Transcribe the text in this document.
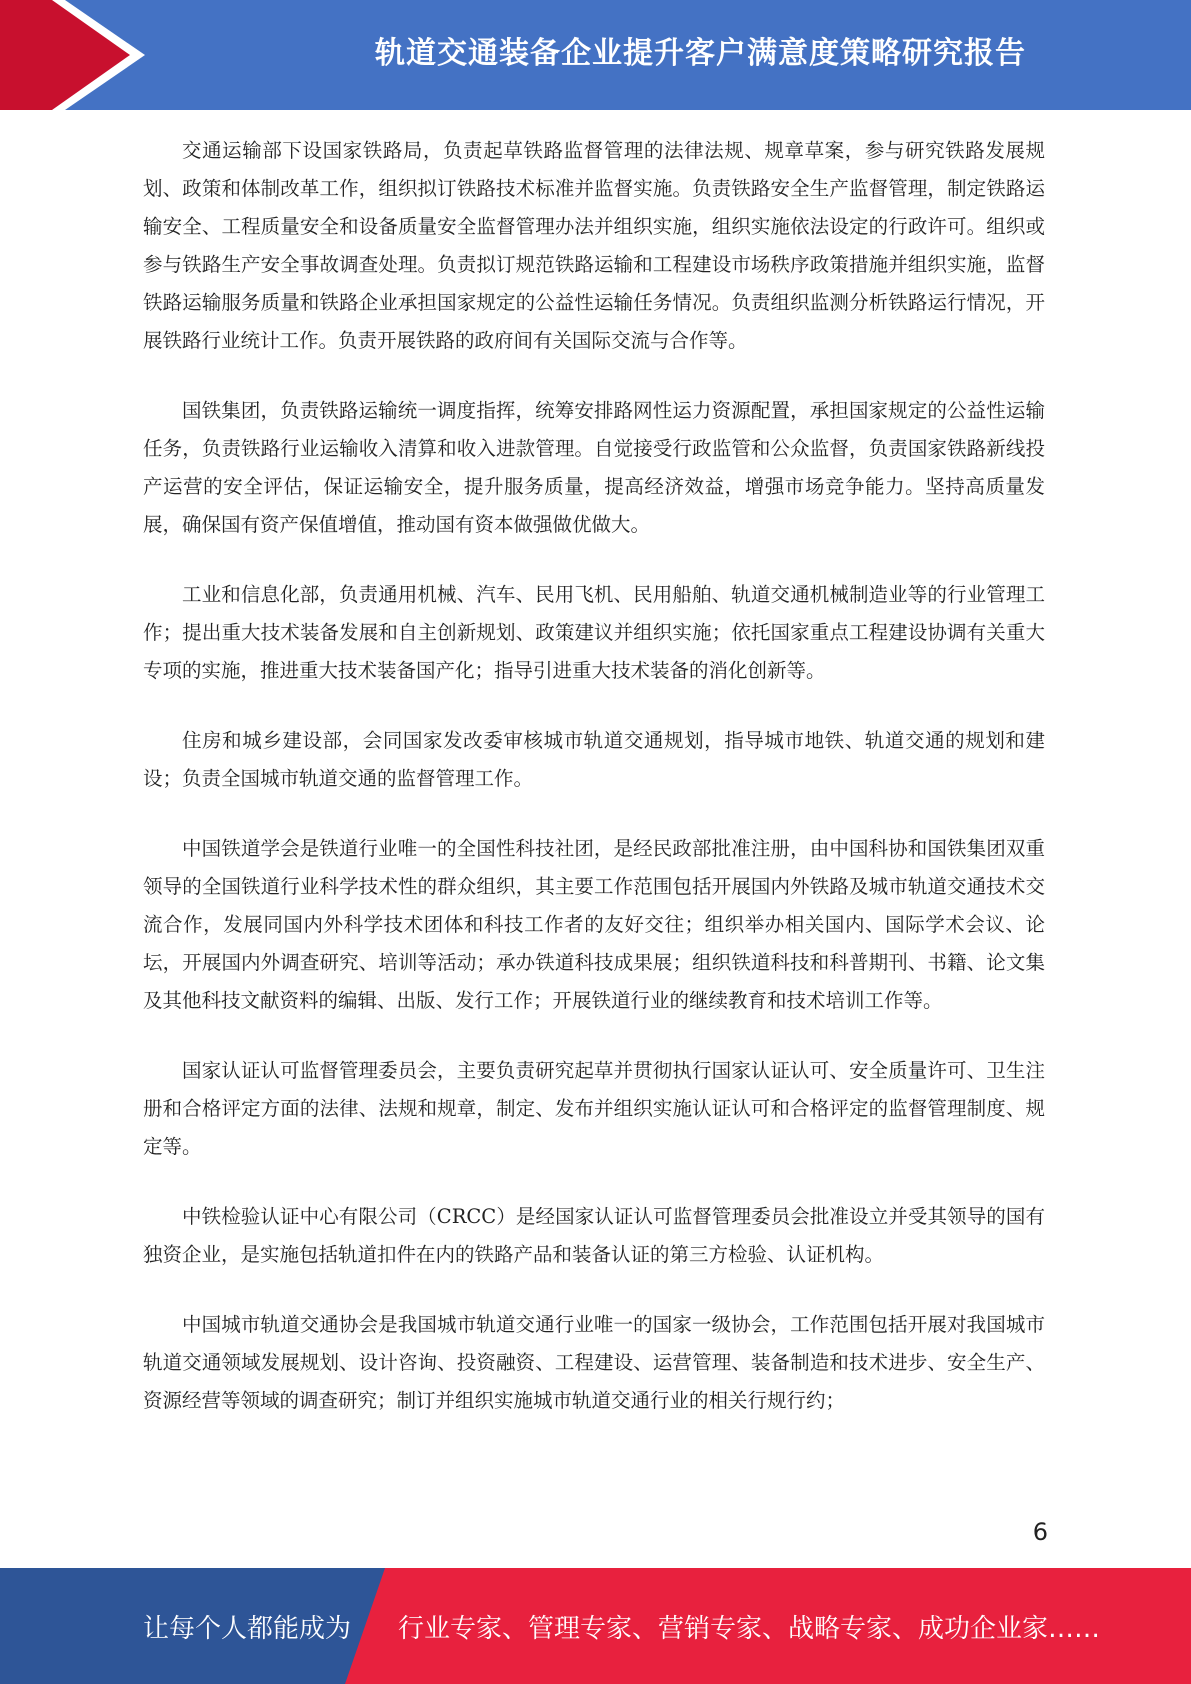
轨道交通装备企业提升客户满意度策略研究报告

交通运输部下设国家铁路局，负责起草铁路监督管理的法律法规、规章草案，参与研究铁路发展规划、政策和体制改革工作，组织拟订铁路技术标准并监督实施。负责铁路安全生产监督管理，制定铁路运输安全、工程质量安全和设备质量安全监督管理办法并组织实施，组织实施依法设定的行政许可。组织或参与铁路生产安全事故调查处理。负责拟订规范铁路运输和工程建设市场秩序政策措施并组织实施，监督铁路运输服务质量和铁路企业承担国家规定的公益性运输任务情况。负责组织监测分析铁路运行情况，开展铁路行业统计工作。负责开展铁路的政府间有关国际交流与合作等。

国铁集团，负责铁路运输统一调度指挥，统筹安排路网性运力资源配置，承担国家规定的公益性运输任务，负责铁路行业运输收入清算和收入进款管理。自觉接受行政监管和公众监督，负责国家铁路新线投产运营的安全评估，保证运输安全，提升服务质量，提高经济效益，增强市场竞争能力。坚持高质量发展，确保国有资产保值增值，推动国有资本做强做优做大。

工业和信息化部，负责通用机械、汽车、民用飞机、民用船舶、轨道交通机械制造业等的行业管理工作；提出重大技术装备发展和自主创新规划、政策建议并组织实施；依托国家重点工程建设协调有关重大专项的实施，推进重大技术装备国产化；指导引进重大技术装备的消化创新等。

住房和城乡建设部，会同国家发改委审核城市轨道交通规划，指导城市地铁、轨道交通的规划和建设；负责全国城市轨道交通的监督管理工作。

中国铁道学会是铁道行业唯一的全国性科技社团，是经民政部批准注册，由中国科协和国铁集团双重领导的全国铁道行业科学技术性的群众组织，其主要工作范围包括开展国内外铁路及城市轨道交通技术交流合作，发展同国内外科学技术团体和科技工作者的友好交往；组织举办相关国内、国际学术会议、论坛，开展国内外调查研究、培训等活动；承办铁道科技成果展；组织铁道科技和科普期刊、书籍、论文集及其他科技文献资料的编辑、出版、发行工作；开展铁道行业的继续教育和技术培训工作等。

国家认证认可监督管理委员会，主要负责研究起草并贯彻执行国家认证认可、安全质量许可、卫生注册和合格评定方面的法律、法规和规章，制定、发布并组织实施认证认可和合格评定的监督管理制度、规定等。

中铁检验认证中心有限公司（CRCC）是经国家认证认可监督管理委员会批准设立并受其领导的国有独资企业，是实施包括轨道扣件在内的铁路产品和装备认证的第三方检验、认证机构。

中国城市轨道交通协会是我国城市轨道交通行业唯一的国家一级协会，工作范围包括开展对我国城市轨道交通领域发展规划、设计咨询、投资融资、工程建设、运营管理、装备制造和技术进步、安全生产、资源经营等领域的调查研究；制订并组织实施城市轨道交通行业的相关行规行约；

6
让每个人都能成为 行业专家、管理专家、营销专家、战略专家、成功企业家……
